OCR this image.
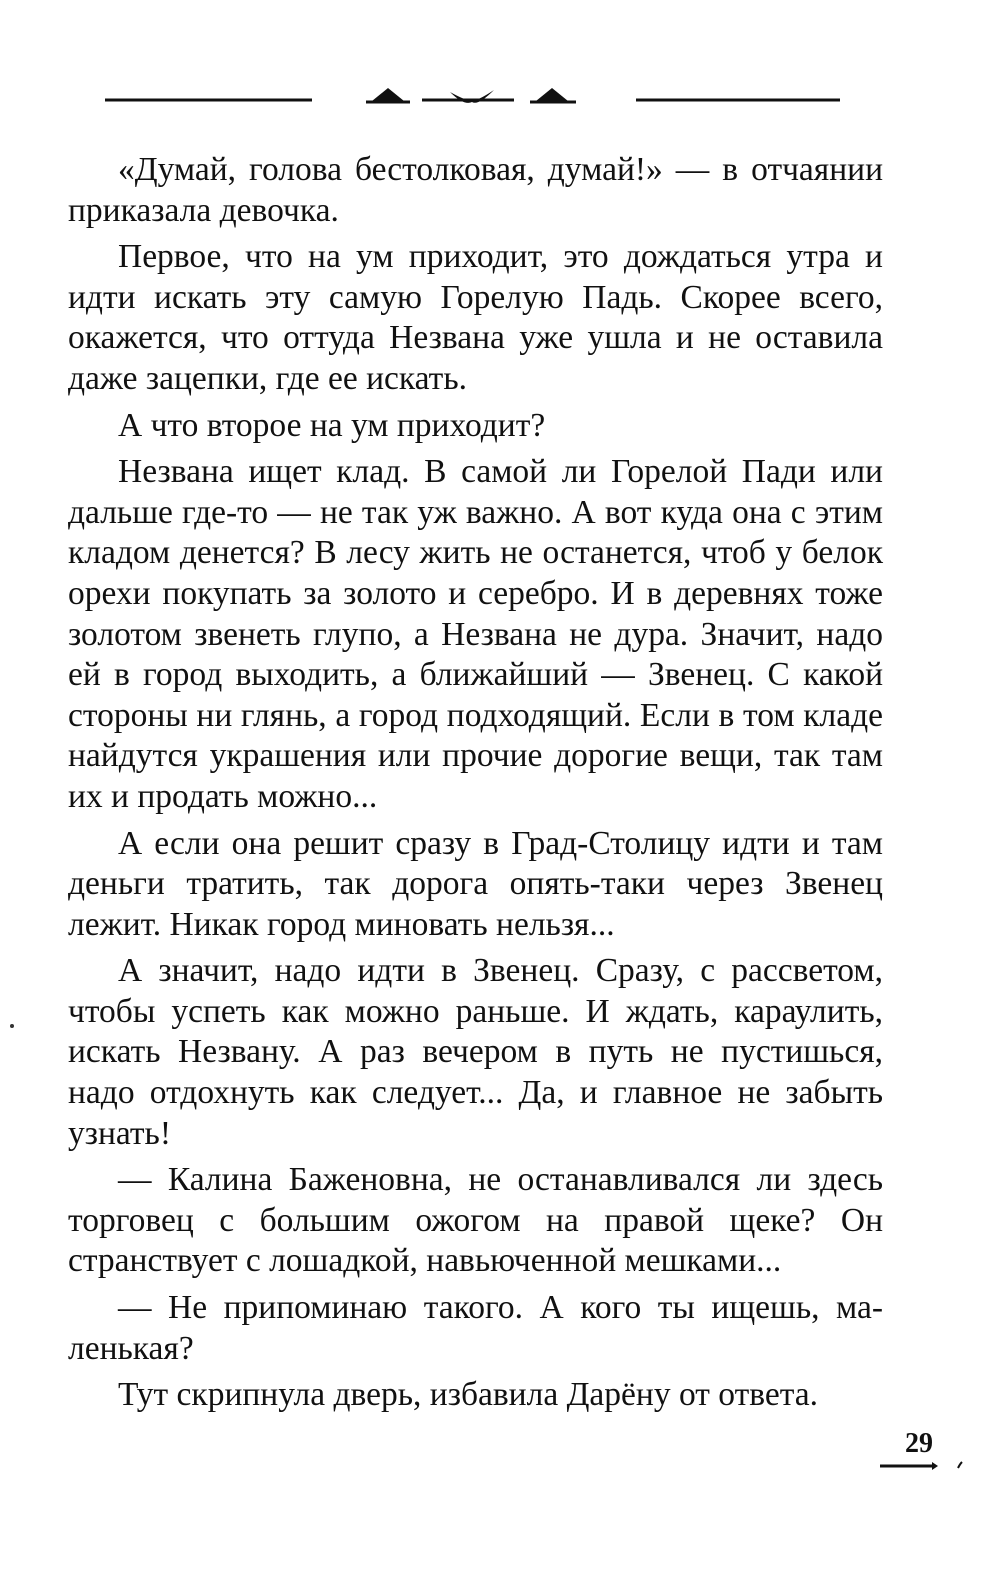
«Думай, голова бестолковая, думай!» — в отчаянии приказала девочка.

Первое, что на ум приходит, это дождаться утра и идти искать эту самую Горелую Падь. Скорее всего, окажется, что оттуда Незвана уже ушла и не оставила даже зацепки, где ее искать.

А что второе на ум приходит?

Незвана ищет клад. В самой ли Горелой Пади или дальше где-то — не так уж важно. А вот куда она с этим кладом денется? В лесу жить не останется, чтоб у белок орехи покупать за золото и серебро. И в деревнях тоже золотом звенеть глупо, а Незвана не дура. Значит, надо ей в город выходить, а ближайший — Звенец. С какой стороны ни глянь, а город подходящий. Если в том кладе найдутся украшения или прочие дорогие вещи, так там их и продать можно...

А если она решит сразу в Град-Столицу идти и там деньги тратить, так дорога опять-таки через Звенец лежит. Никак город миновать нельзя...

А значит, надо идти в Звенец. Сразу, с рассветом, чтобы успеть как можно раньше. И ждать, караулить, искать Незвану. А раз вечером в путь не пустишься, надо отдохнуть как следует... Да, и главное не забыть узнать!

— Калина Баженовна, не останавливался ли здесь торговец с большим ожогом на правой щеке? Он странствует с лошадкой, навьюченной мешками...

— Не припоминаю такого. А кого ты ищешь, маленькая?

Тут скрипнула дверь, избавила Дарёну от ответа.

29
